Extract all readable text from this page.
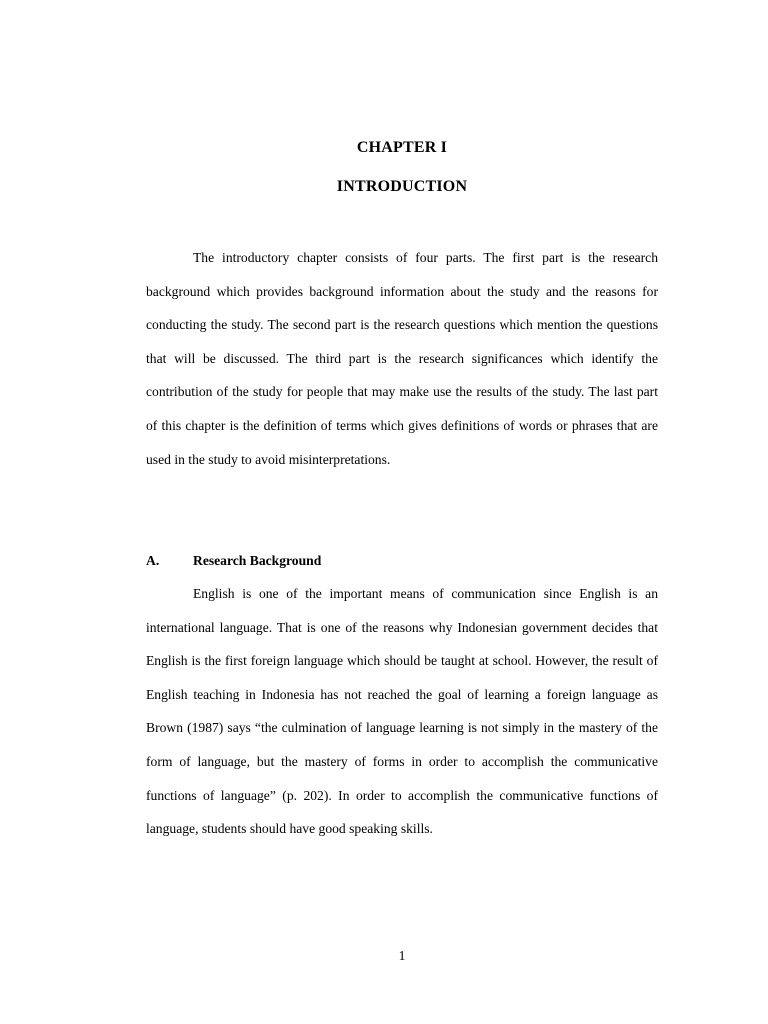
CHAPTER I
INTRODUCTION

The introductory chapter consists of four parts. The first part is the research background which provides background information about the study and the reasons for conducting the study. The second part is the research questions which mention the questions that will be discussed. The third part is the research significances which identify the contribution of the study for people that may make use the results of the study. The last part of this chapter is the definition of terms which gives definitions of words or phrases that are used in the study to avoid misinterpretations.

A. Research Background

English is one of the important means of communication since English is an international language. That is one of the reasons why Indonesian government decides that English is the first foreign language which should be taught at school. However, the result of English teaching in Indonesia has not reached the goal of learning a foreign language as Brown (1987) says “the culmination of language learning is not simply in the mastery of the form of language, but the mastery of forms in order to accomplish the communicative functions of language” (p. 202). In order to accomplish the communicative functions of language, students should have good speaking skills.

1
